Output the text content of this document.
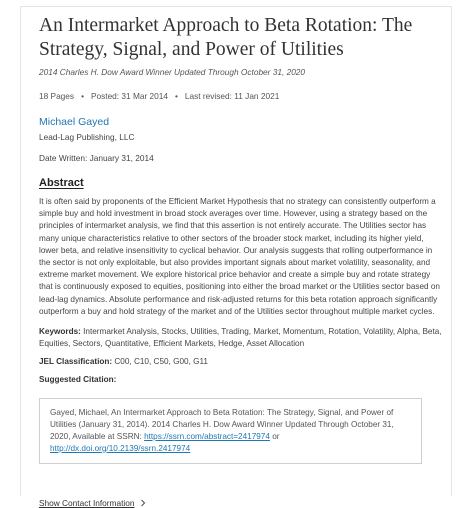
An Intermarket Approach to Beta Rotation: The Strategy, Signal, and Power of Utilities
2014 Charles H. Dow Award Winner Updated Through October 31, 2020
18 Pages • Posted: 31 Mar 2014 • Last revised: 11 Jan 2021
Michael Gayed
Lead-Lag Publishing, LLC
Date Written: January 31, 2014
Abstract
It is often said by proponents of the Efficient Market Hypothesis that no strategy can consistently outperform a simple buy and hold investment in broad stock averages over time. However, using a strategy based on the principles of intermarket analysis, we find that this assertion is not entirely accurate. The Utilities sector has many unique characteristics relative to other sectors of the broader stock market, including its higher yield, lower beta, and relative insensitivity to cyclical behavior. Our analysis suggests that rolling outperformance in the sector is not only exploitable, but also provides important signals about market volatility, seasonality, and extreme market movement. We explore historical price behavior and create a simple buy and rotate strategy that is continuously exposed to equities, positioning into either the broad market or the Utilities sector based on lead-lag dynamics. Absolute performance and risk-adjusted returns for this beta rotation approach significantly outperform a buy and hold strategy of the market and of the Utilities sector throughout multiple market cycles.
Keywords: Intermarket Analysis, Stocks, Utilities, Trading, Market, Momentum, Rotation, Volatility, Alpha, Beta, Equities, Sectors, Quantitative, Efficient Markets, Hedge, Asset Allocation
JEL Classification: C00, C10, C50, G00, G11
Suggested Citation:
Gayed, Michael, An Intermarket Approach to Beta Rotation: The Strategy, Signal, and Power of Utilities (January 31, 2014). 2014 Charles H. Dow Award Winner Updated Through October 31, 2020, Available at SSRN: https://ssrn.com/abstract=2417974 or http://dx.doi.org/10.2139/ssrn.2417974
Show Contact Information
